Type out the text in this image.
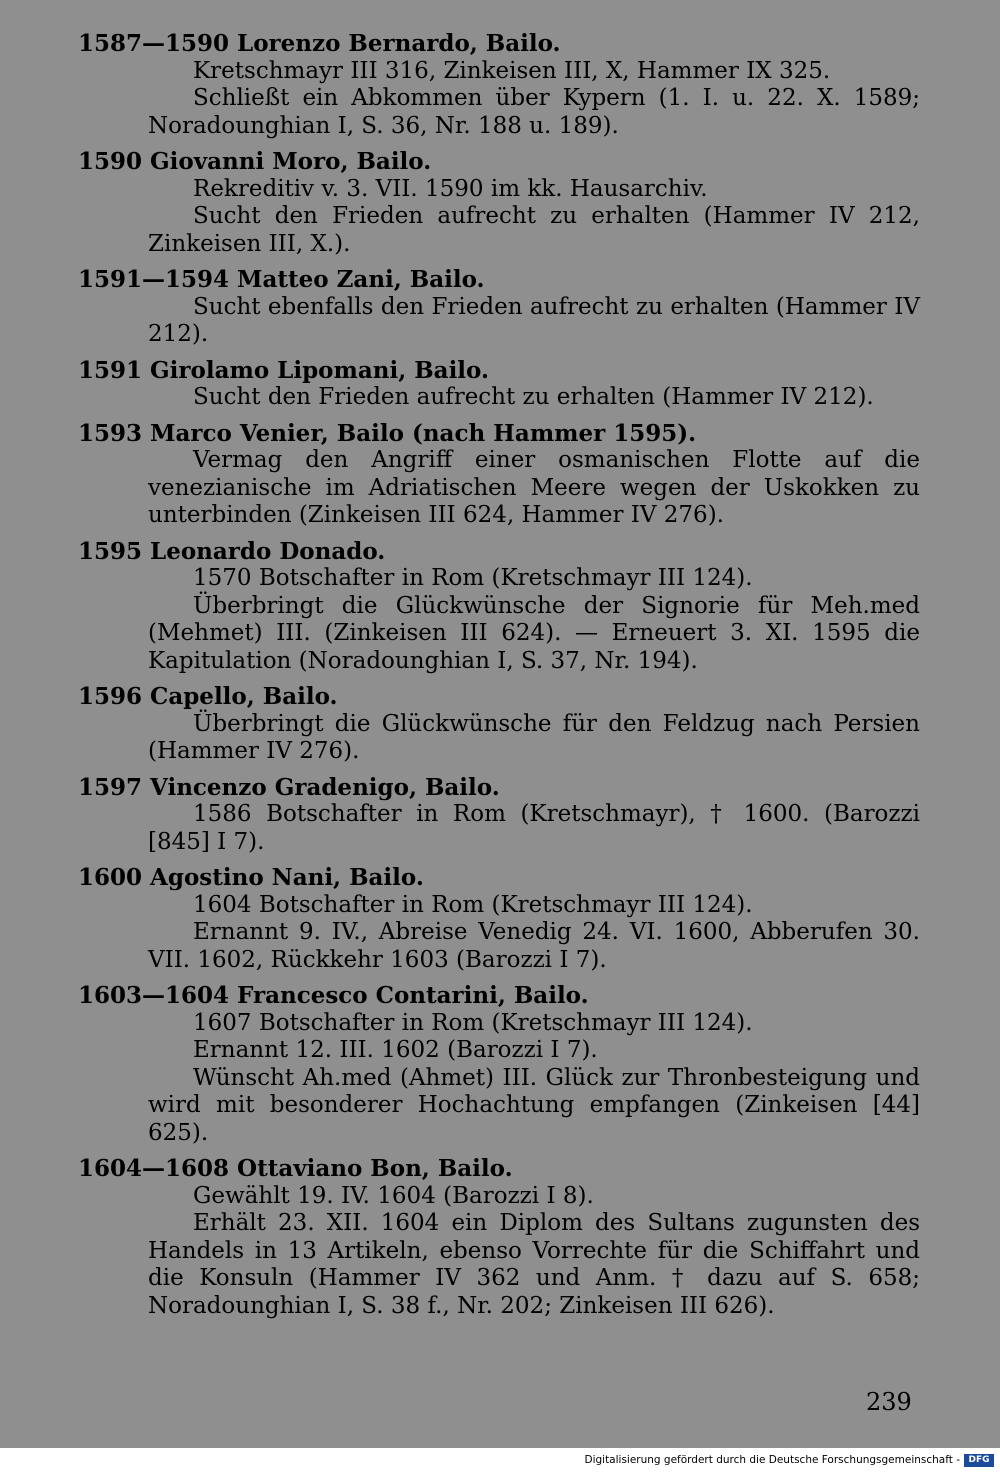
1587—1590 Lorenzo Bernardo, Bailo.
Kretschmayr III 316, Zinkeisen III, X, Hammer IX 325.
Schließt ein Abkommen über Kypern (1. I. u. 22. X. 1589; Noradounghian I, S. 36, Nr. 188 u. 189).
1590 Giovanni Moro, Bailo.
Rekreditiv v. 3. VII. 1590 im kk. Hausarchiv.
Sucht den Frieden aufrecht zu erhalten (Hammer IV 212, Zinkeisen III, X.).
1591—1594 Matteo Zani, Bailo.
Sucht ebenfalls den Frieden aufrecht zu erhalten (Hammer IV 212).
1591 Girolamo Lipomani, Bailo.
Sucht den Frieden aufrecht zu erhalten (Hammer IV 212).
1593 Marco Venier, Bailo (nach Hammer 1595).
Vermag den Angriff einer osmanischen Flotte auf die venezianische im Adriatischen Meere wegen der Uskokken zu unterbinden (Zinkeisen III 624, Hammer IV 276).
1595 Leonardo Donado.
1570 Botschafter in Rom (Kretschmayr III 124).
Überbringt die Glückwünsche der Signorie für Meh.med (Mehmet) III. (Zinkeisen III 624). — Erneuert 3. XI. 1595 die Kapitulation (Noradounghian I, S. 37, Nr. 194).
1596 Capello, Bailo.
Überbringt die Glückwünsche für den Feldzug nach Persien (Hammer IV 276).
1597 Vincenzo Gradenigo, Bailo.
1586 Botschafter in Rom (Kretschmayr), † 1600. (Barozzi [845] I 7).
1600 Agostino Nani, Bailo.
1604 Botschafter in Rom (Kretschmayr III 124).
Ernannt 9. IV., Abreise Venedig 24. VI. 1600, Abberufen 30. VII. 1602, Rückkehr 1603 (Barozzi I 7).
1603—1604 Francesco Contarini, Bailo.
1607 Botschafter in Rom (Kretschmayr III 124).
Ernannt 12. III. 1602 (Barozzi I 7).
Wünscht Ah.med (Ahmet) III. Glück zur Thronbesteigung und wird mit besonderer Hochachtung empfangen (Zinkeisen [44] 625).
1604—1608 Ottaviano Bon, Bailo.
Gewählt 19. IV. 1604 (Barozzi I 8).
Erhält 23. XII. 1604 ein Diplom des Sultans zugunsten des Handels in 13 Artikeln, ebenso Vorrechte für die Schiffahrt und die Konsuln (Hammer IV 362 und Anm. † dazu auf S. 658; Noradounghian I, S. 38 f., Nr. 202; Zinkeisen III 626).
239
Digitalisierung gefördert durch die Deutsche Forschungsgemeinschaft - DFG
